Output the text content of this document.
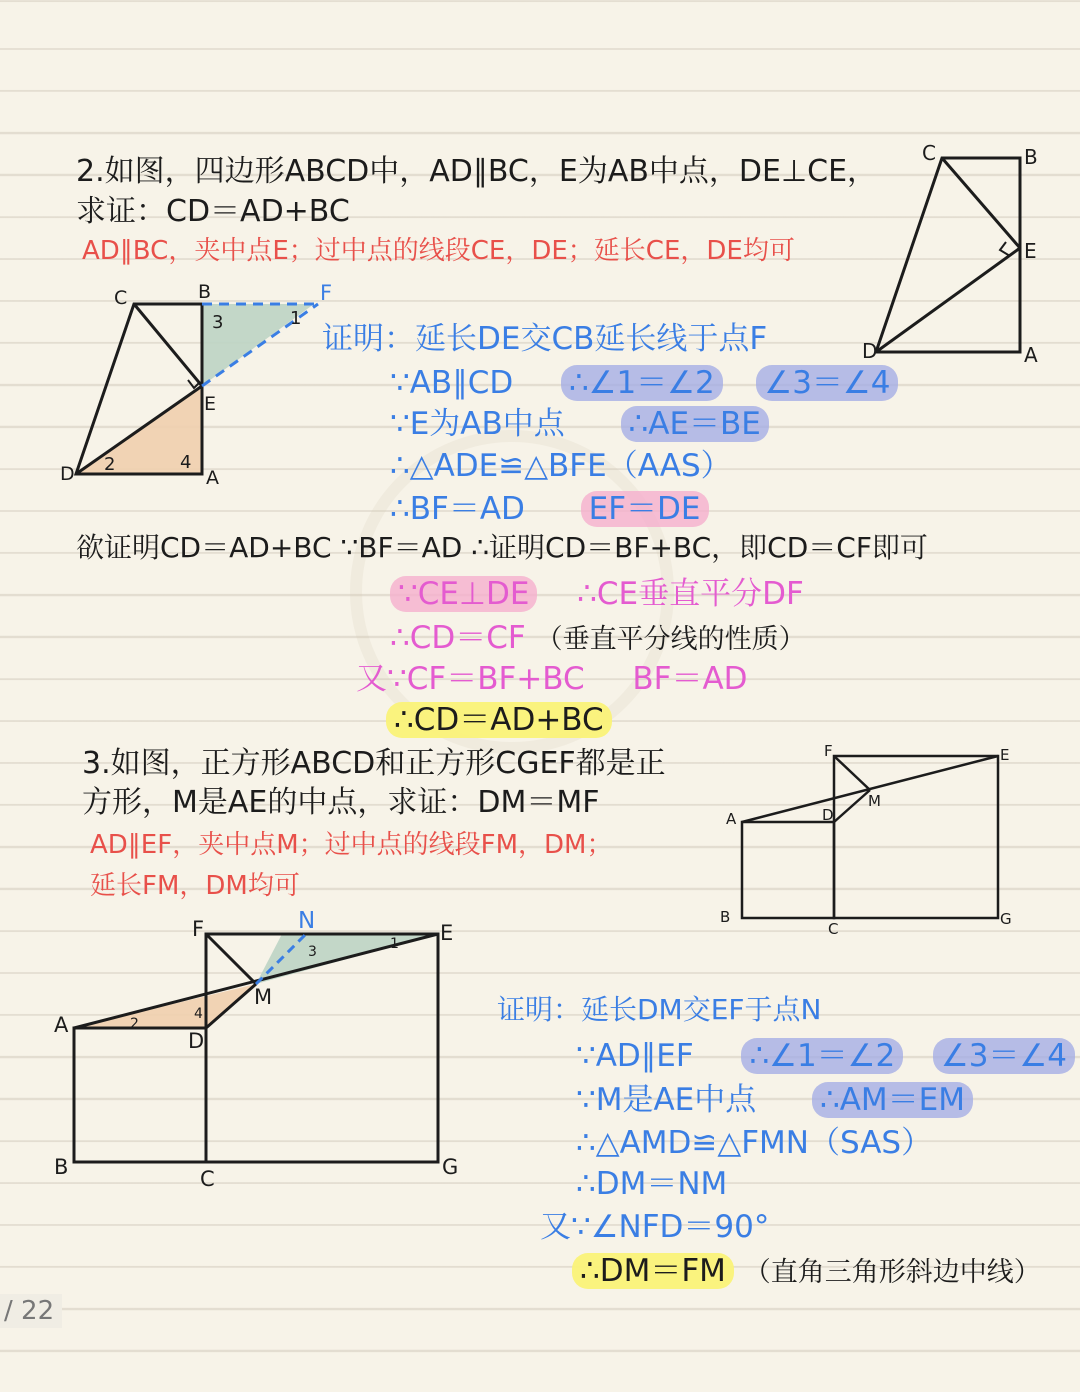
2.如图，四边形ABCD中，AD∥BC，E为AB中点，DE⊥CE，
求证：CD＝AD+BC
AD∥BC，夹中点E；过中点的线段CE，DE；延长CE，DE均可
证明：延长DE交CB延长线于点F
∵AB∥CD ∴∠1＝∠2 ∠3＝∠4
∵E为AB中点 ∴AE＝BE
∴△ADE≌△BFE（AAS）
∴BF＝AD EF＝DE
欲证明CD＝AD+BC ∵BF＝AD ∴证明CD＝BF+BC，即CD＝CF即可
∵CE⊥DE ∴CE垂直平分DF
∴CD＝CF （垂直平分线的性质）
又∵CF＝BF+BC BF＝AD
∴CD＝AD+BC
3.如图，正方形ABCD和正方形CGEF都是正
方形，M是AE的中点，求证：DM＝MF
AD∥EF，夹中点M；过中点的线段FM，DM；
延长FM，DM均可
证明：延长DM交EF于点N
∵AD∥EF ∴∠1＝∠2 ∠3＝∠4
∵M是AE中点 ∴AM＝EM
∴△AMD≌△FMN（SAS）
∴DM＝NM
又∵∠NFD＝90°
∴DM＝FM （直角三角形斜边中线）
C	B
E
A
D
C	B	F
E
A
D
3	1
2	4
F	E
M
D
A
B
C
G
F	N	E
M
D
A
B	C	G
2
4
3	1
/ 22
